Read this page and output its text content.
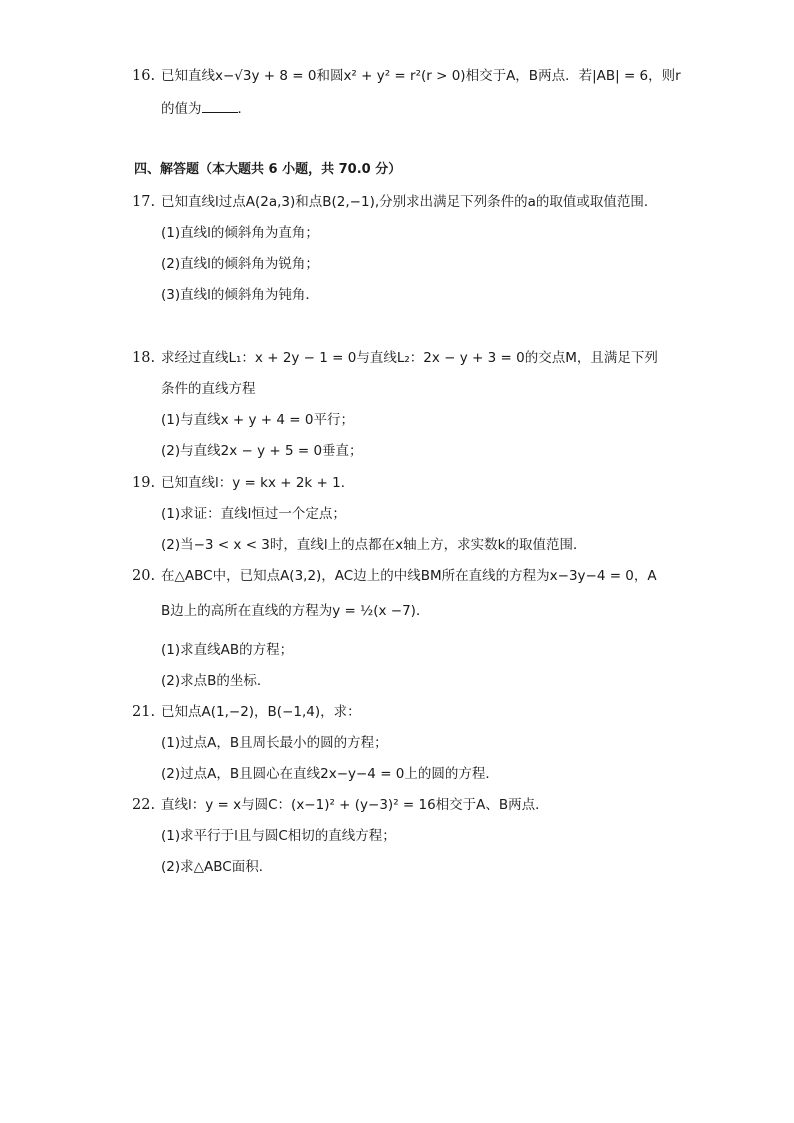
16. 已知直线x−√3y + 8 = 0和圆x² + y² = r²(r > 0)相交于A，B两点．若|AB| = 6，则r
的值为	．
四、解答题（本大题共 6 小题，共 70.0 分）
17. 已知直线l过点A(2a,3)和点B(2,−1),分别求出满足下列条件的a的取值或取值范围．
(1)直线l的倾斜角为直角；
(2)直线l的倾斜角为锐角；
(3)直线l的倾斜角为钝角．
18. 求经过直线L₁：x + 2y − 1 = 0与直线L₂：2x − y + 3 = 0的交点M，且满足下列
条件的直线方程
(1)与直线x + y + 4 = 0平行；
(2)与直线2x − y + 5 = 0垂直；
19. 已知直线l：y = kx + 2k + 1．
(1)求证：直线l恒过一个定点；
(2)当−3 < x < 3时，直线l上的点都在x轴上方，求实数k的取值范围．
20. 在△ABC中，已知点A(3,2)，AC边上的中线BM所在直线的方程为x−3y−4 = 0，A
B边上的高所在直线的方程为y = ½(x −7)．
(1)求直线AB的方程；
(2)求点B的坐标．
21. 已知点A(1,−2)，B(−1,4)，求：
(1)过点A，B且周长最小的圆的方程；
(2)过点A，B且圆心在直线2x−y−4 = 0上的圆的方程．
22. 直线l：y = x与圆C：(x−1)² + (y−3)² = 16相交于A、B两点．
(1)求平行于l且与圆C相切的直线方程；
(2)求△ABC面积．
